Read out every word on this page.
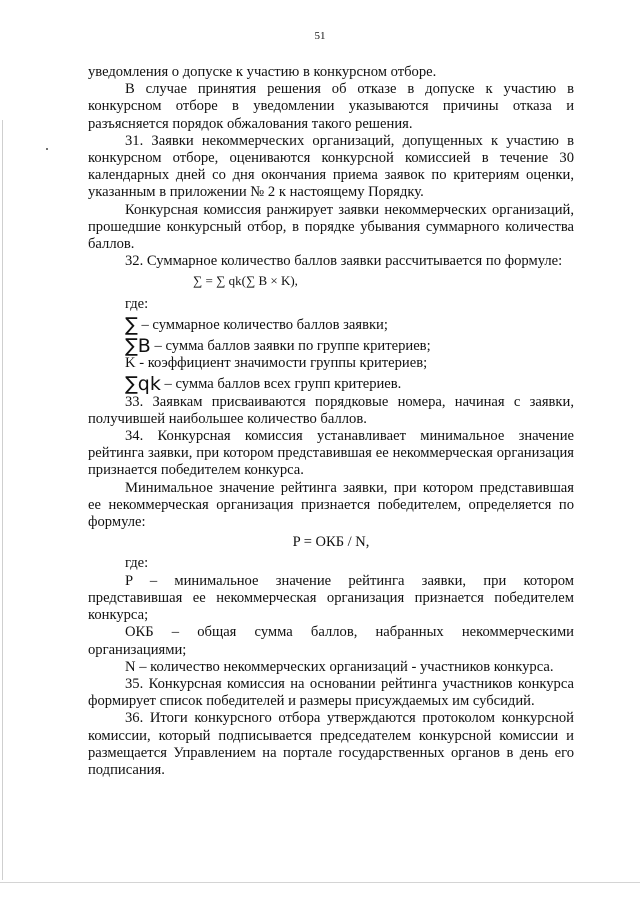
51

уведомления о допуске к участию в конкурсном отборе.

В случае принятия решения об отказе в допуске к участию в конкурсном отборе в уведомлении указываются причины отказа и разъясняется порядок обжалования такого решения.

31. Заявки некоммерческих организаций, допущенных к участию в конкурсном отборе, оцениваются конкурсной комиссией в течение 30 календарных дней со дня окончания приема заявок по критериям оценки, указанным в приложении № 2 к настоящему Порядку.

Конкурсная комиссия ранжирует заявки некоммерческих организаций, прошедшие конкурсный отбор, в порядке убывания суммарного количества баллов.

32. Суммарное количество баллов заявки рассчитывается по формуле:

∑ = ∑ qk(∑ B × K),

где:

∑ – суммарное количество баллов заявки;

∑B – сумма баллов заявки по группе критериев;

K - коэффициент значимости группы критериев;

∑qk – сумма баллов всех групп критериев.

33. Заявкам присваиваются порядковые номера, начиная с заявки, получившей наибольшее количество баллов.

34. Конкурсная комиссия устанавливает минимальное значение рейтинга заявки, при котором представившая ее некоммерческая организация признается победителем конкурса.

Минимальное значение рейтинга заявки, при котором представившая ее некоммерческая организация признается победителем, определяется по формуле:

P = ОКБ / N,

где:

P – минимальное значение рейтинга заявки, при котором представившая ее некоммерческая организация признается победителем конкурса;

ОКБ – общая сумма баллов, набранных некоммерческими организациями;

N – количество некоммерческих организаций - участников конкурса.

35. Конкурсная комиссия на основании рейтинга участников конкурса формирует список победителей и размеры присуждаемых им субсидий.

36. Итоги конкурсного отбора утверждаются протоколом конкурсной комиссии, который подписывается председателем конкурсной комиссии и размещается Управлением на портале государственных органов в день его подписания.
